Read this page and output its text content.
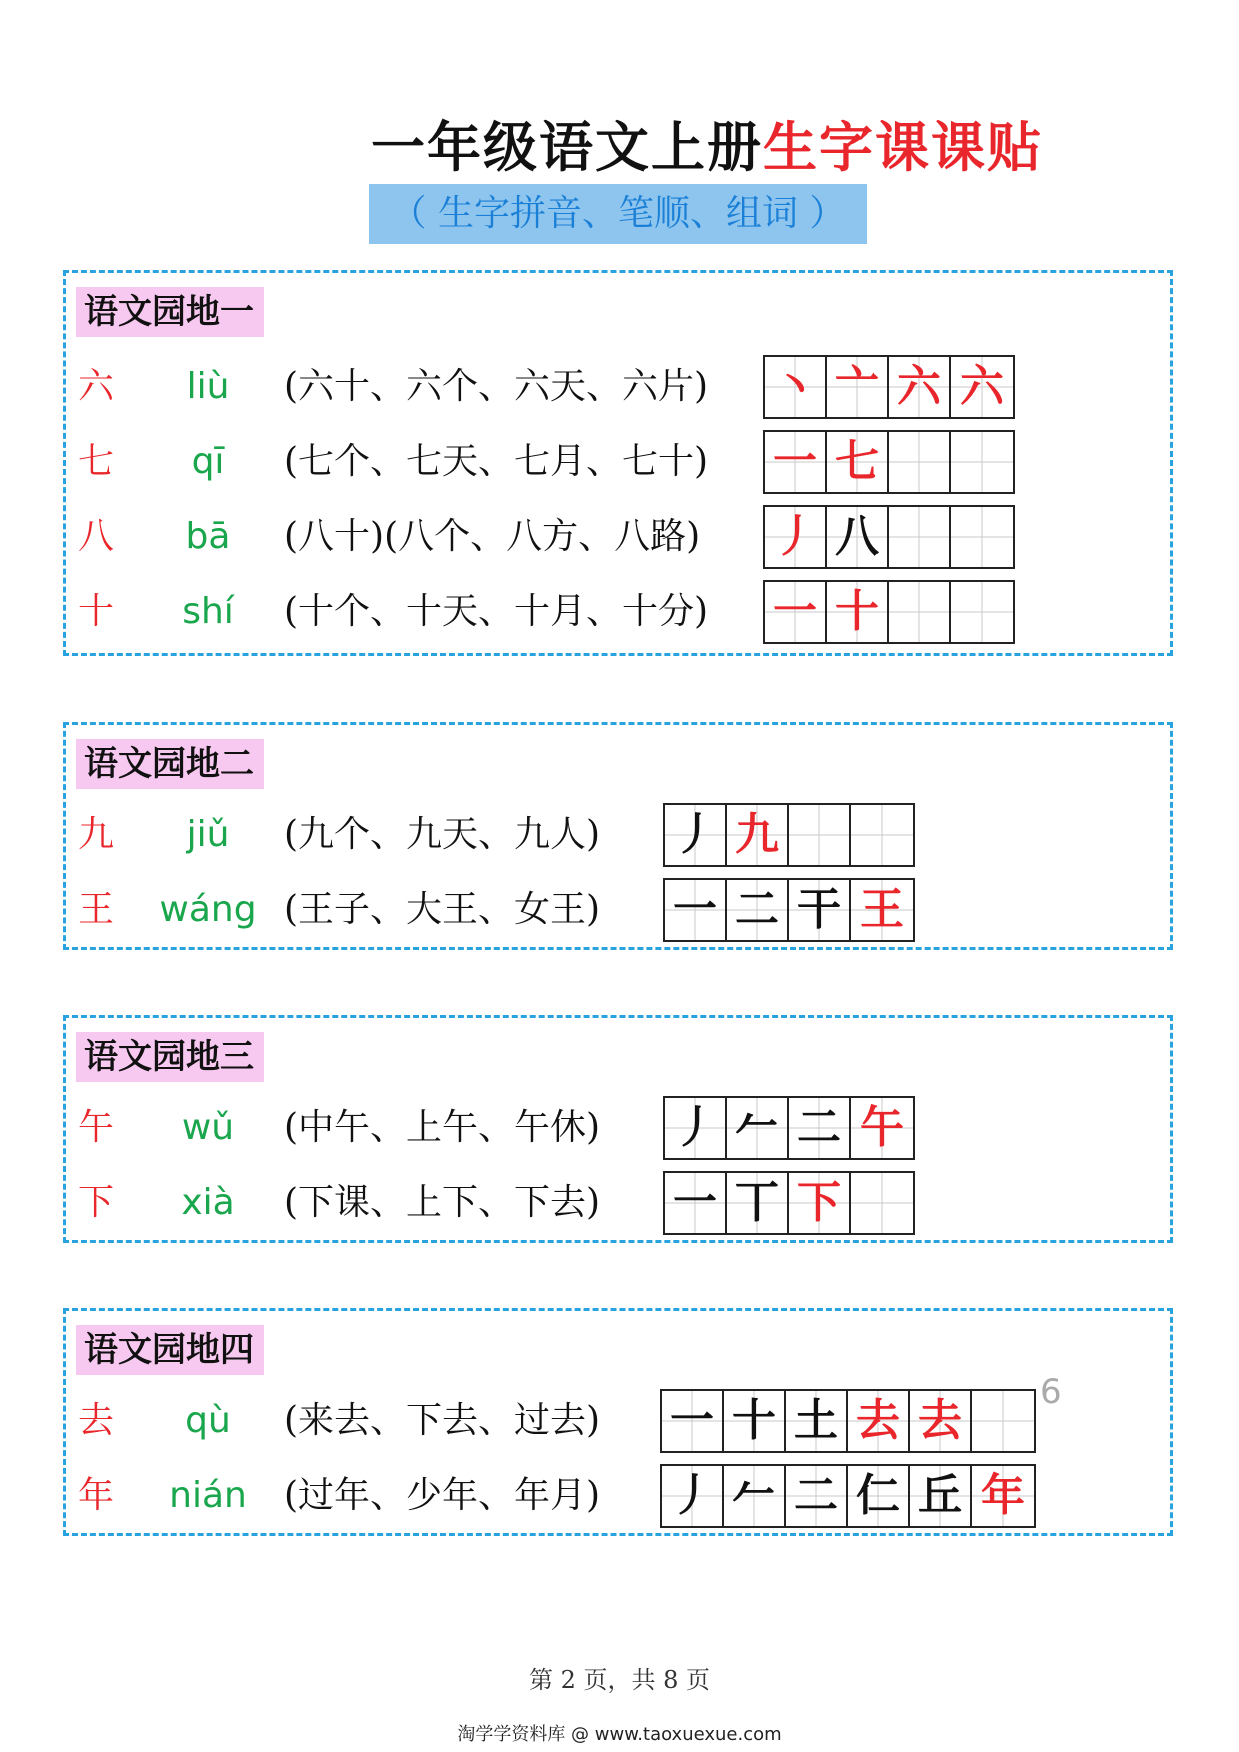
一年级语文上册生字课课贴
（ 生字拼音、笔顺、组词 ）
语文园地一
六	liù	(六十、六个、六天、六片) 丶 亠 六 六
七	qī	(七个、七天、七月、七十) 一 七
八	bā	(八十)(八个、八方、八路) 丿 八
十	shí	(十个、十天、十月、十分) 一 十
语文园地二
九	jiǔ	(九个、九天、九人) 丿 九
王	wáng (王子、大王、女王) 一 二 干 王
语文园地三
午	wǔ	(中午、上午、午休) 丿 𠂉 二 午
下	xià	(下课、上下、下去) 一 丅 下
语文园地四
去	qù	(来去、下去、过去) 一 十 土 去 去
年	nián	(过年、少年、年月) 丿 𠂉 二 仁 丘 年
6
第 2 页，共 8 页
淘学学资料库 @ www.taoxuexue.com
